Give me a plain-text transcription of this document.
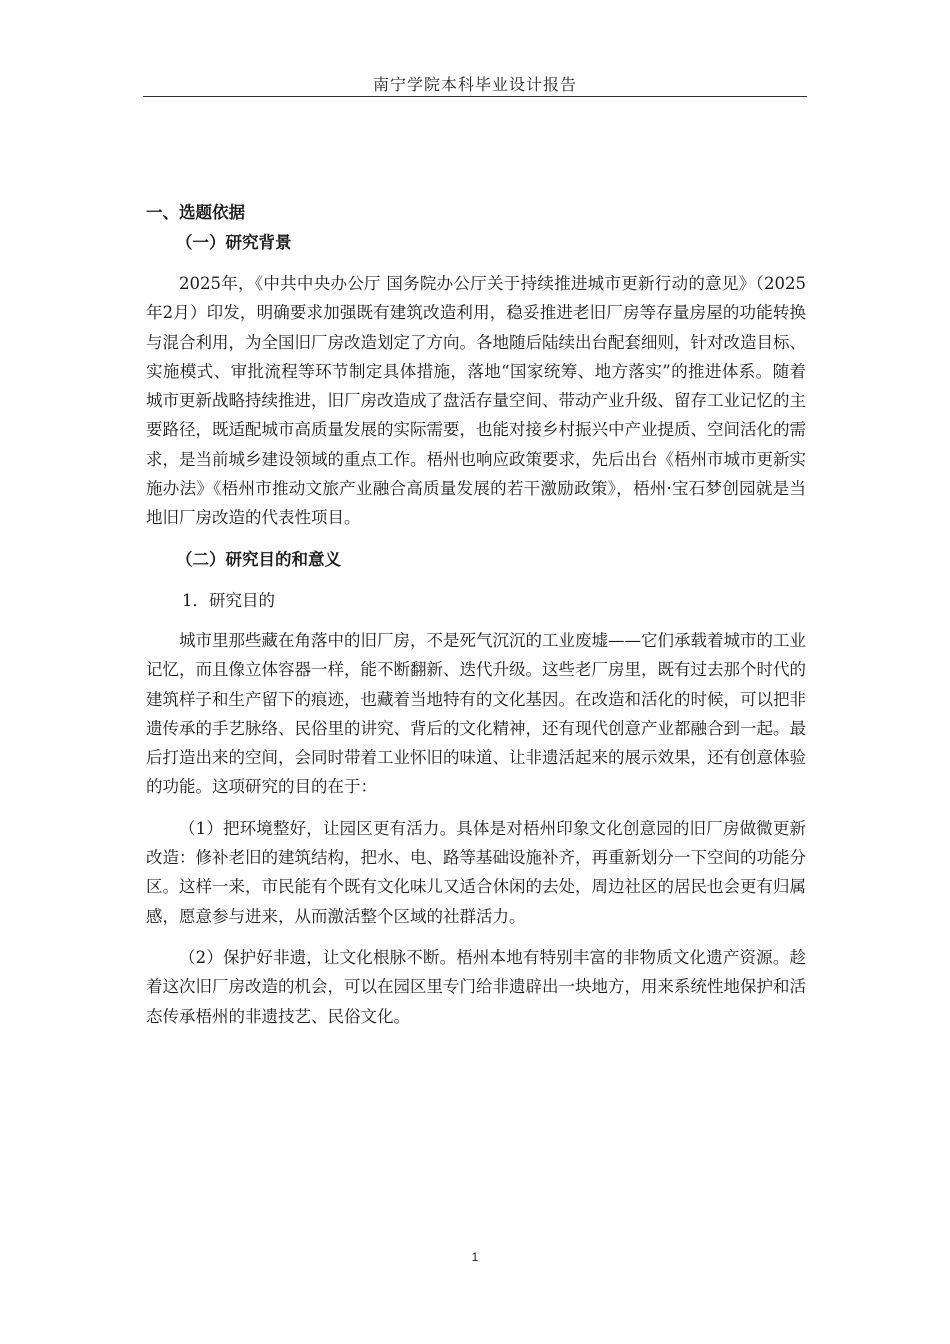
南宁学院本科毕业设计报告
一、选题依据
（一）研究背景

2025年，《中共中央办公厅 国务院办公厅关于持续推进城市更新行动的意见》（2025年2月）印发，明确要求加强既有建筑改造利用，稳妥推进老旧厂房等存量房屋的功能转换与混合利用，为全国旧厂房改造划定了方向。各地随后陆续出台配套细则，针对改造目标、实施模式、审批流程等环节制定具体措施，落地“国家统筹、地方落实”的推进体系。随着城市更新战略持续推进，旧厂房改造成了盘活存量空间、带动产业升级、留存工业记忆的主要路径，既适配城市高质量发展的实际需要，也能对接乡村振兴中产业提质、空间活化的需求，是当前城乡建设领域的重点工作。梧州也响应政策要求，先后出台《梧州市城市更新实施办法》《梧州市推动文旅产业融合高质量发展的若干激励政策》，梧州·宝石梦创园就是当地旧厂房改造的代表性项目。

（二）研究目的和意义

1．研究目的

城市里那些藏在角落中的旧厂房，不是死气沉沉的工业废墟——它们承载着城市的工业记忆，而且像立体容器一样，能不断翻新、迭代升级。这些老厂房里，既有过去那个时代的建筑样子和生产留下的痕迹，也藏着当地特有的文化基因。在改造和活化的时候，可以把非遗传承的手艺脉络、民俗里的讲究、背后的文化精神，还有现代创意产业都融合到一起。最后打造出来的空间，会同时带着工业怀旧的味道、让非遗活起来的展示效果，还有创意体验的功能。这项研究的目的在于：

（1）把环境整好，让园区更有活力。具体是对梧州印象文化创意园的旧厂房做微更新改造：修补老旧的建筑结构，把水、电、路等基础设施补齐，再重新划分一下空间的功能分区。这样一来，市民能有个既有文化味儿又适合休闲的去处，周边社区的居民也会更有归属感，愿意参与进来，从而激活整个区域的社群活力。

（2）保护好非遗，让文化根脉不断。梧州本地有特别丰富的非物质文化遗产资源。趁着这次旧厂房改造的机会，可以在园区里专门给非遗辟出一块地方，用来系统性地保护和活态传承梧州的非遗技艺、民俗文化。

1
